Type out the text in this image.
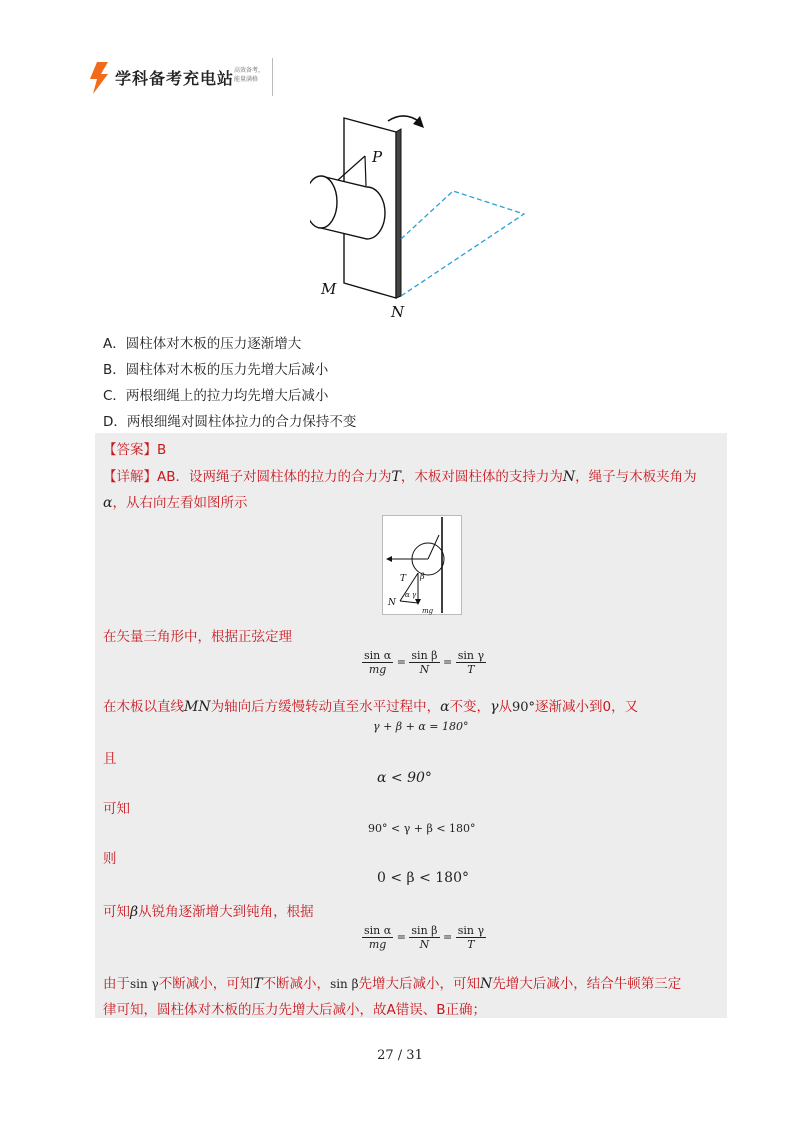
学科备考充电站 高效备考，
能量满格
P
M
N
A．圆柱体对木板的压力逐渐增大
B．圆柱体对木板的压力先增大后减小
C．两根细绳上的拉力均先增大后减小
D．两根细绳对圆柱体拉力的合力保持不变
【答案】B
【详解】AB．设两绳子对圆柱体的拉力的合力为T，木板对圆柱体的支持力为N，绳子与木板夹角为
α，从右向左看如图所示
T β
α γ
N
mg
在矢量三角形中，根据正弦定理
$\frac{\text{sin α}}{mg} = \frac{\text{sin β}}{N} = \frac{\text{sin γ}}{T}$
在木板以直线MN为轴向后方缓慢转动直至水平过程中，α不变，γ从90°逐渐减小到0，又
γ + β + α = 180°
且
α < 90°
可知
90° < γ + β < 180°
则
0 < β < 180°
可知β从锐角逐渐增大到钝角，根据
$\frac{\text{sin α}}{mg} = \frac{\text{sin β}}{N} = \frac{\text{sin γ}}{T}$
由于sin γ不断减小，可知T不断减小，sin β先增大后减小，可知N先增大后减小，结合牛顿第三定
律可知，圆柱体对木板的压力先增大后减小，故A错误、B正确；
27 / 31
